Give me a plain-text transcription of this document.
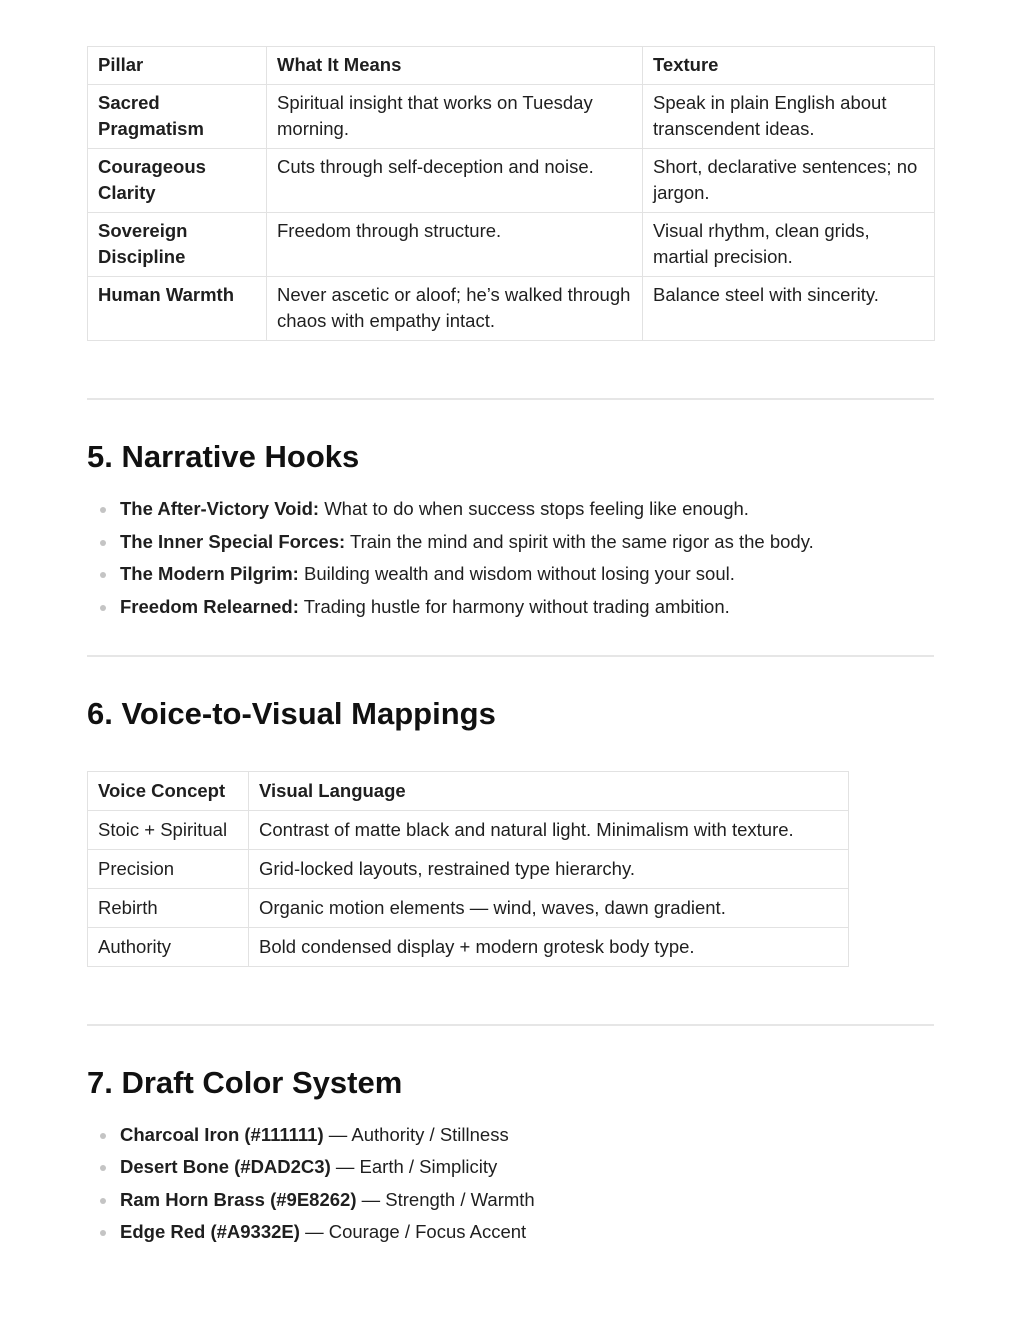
Pillar	What It Means	Texture
Sacred Pragmatism	Spiritual insight that works on Tuesday morning.	Speak in plain English about transcendent ideas.
Courageous Clarity	Cuts through self-deception and noise.	Short, declarative sentences; no jargon.
Sovereign Discipline	Freedom through structure.	Visual rhythm, clean grids, martial precision.
Human Warmth	Never ascetic or aloof; he’s walked through chaos with empathy intact.	Balance steel with sincerity.
5. Narrative Hooks
The After-Victory Void: What to do when success stops feeling like enough.
The Inner Special Forces: Train the mind and spirit with the same rigor as the body.
The Modern Pilgrim: Building wealth and wisdom without losing your soul.
Freedom Relearned: Trading hustle for harmony without trading ambition.
6. Voice-to-Visual Mappings
Voice Concept	Visual Language
Stoic + Spiritual	Contrast of matte black and natural light. Minimalism with texture.
Precision	Grid-locked layouts, restrained type hierarchy.
Rebirth	Organic motion elements — wind, waves, dawn gradient.
Authority	Bold condensed display + modern grotesk body type.
7. Draft Color System
Charcoal Iron (#111111) — Authority / Stillness
Desert Bone (#DAD2C3) — Earth / Simplicity
Ram Horn Brass (#9E8262) — Strength / Warmth
Edge Red (#A9332E) — Courage / Focus Accent
